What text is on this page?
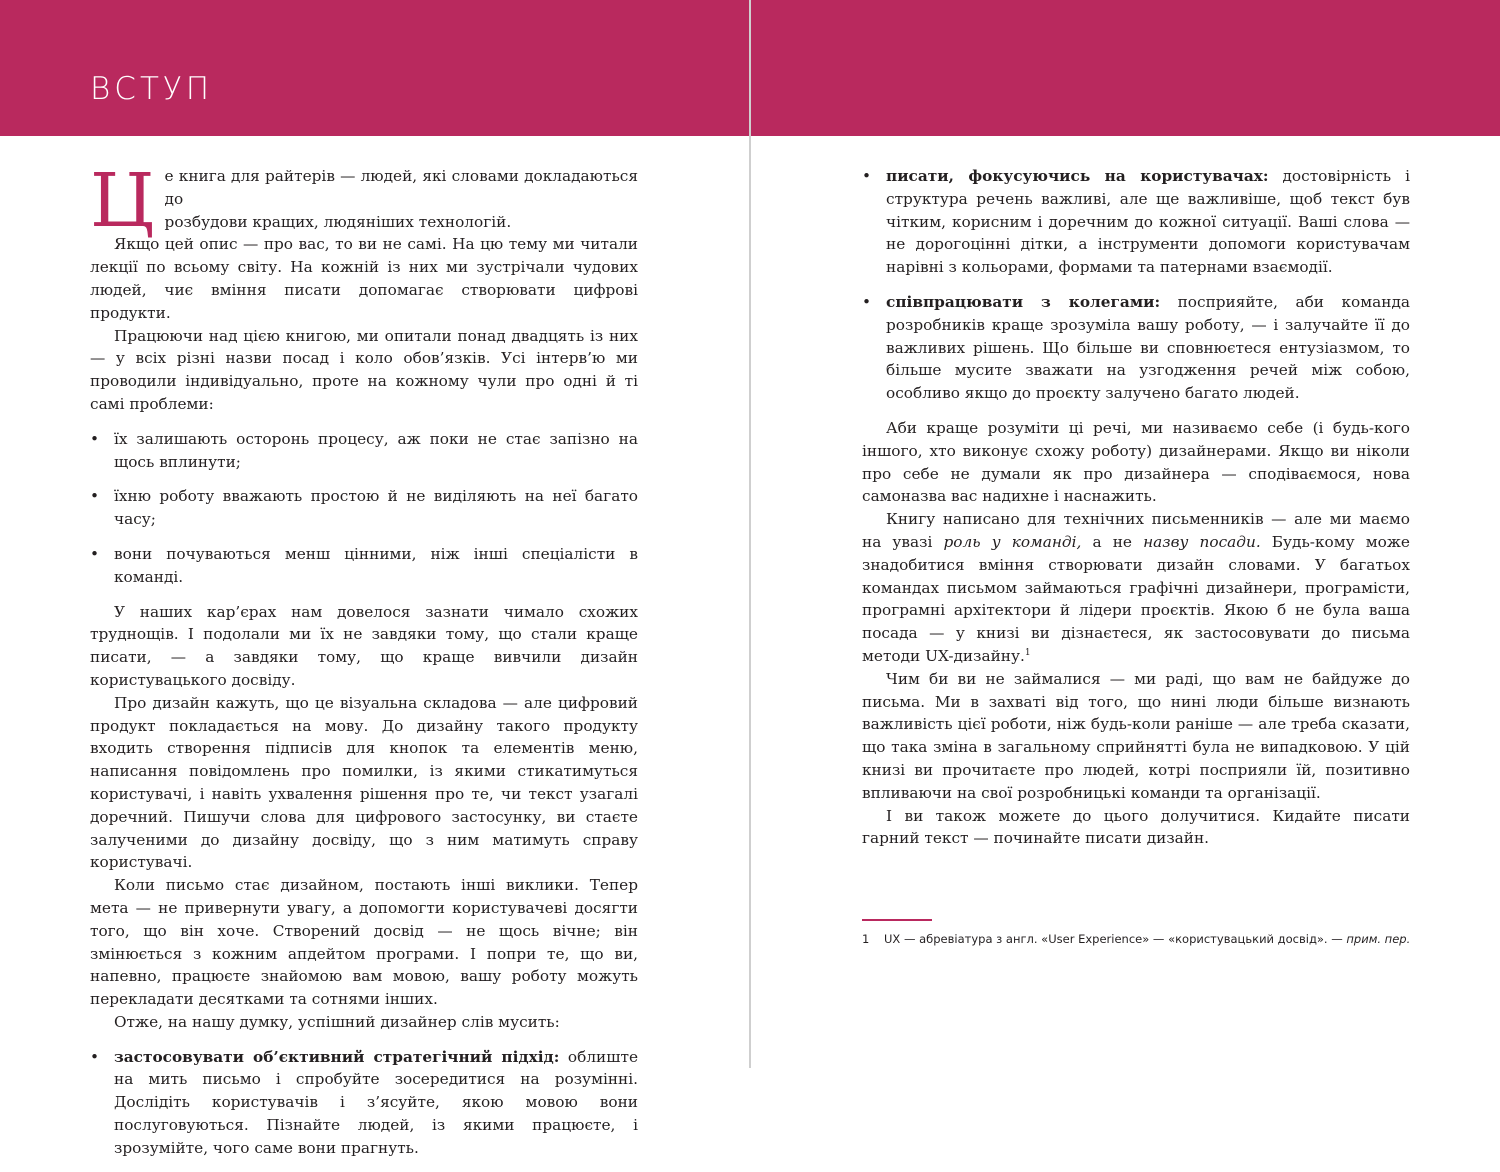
ВСТУП
Ц е книга для райтерів — людей, які словами докладаються до

розбудови кращих, людяніших технологій.

Якщо цей опис — про вас, то ви не самі. На цю тему ми читали лекції по всьому світу. На кожній із них ми зустрічали чудових людей, чиє вміння писати допомагає створювати цифрові продукти.

Працюючи над цією книгою, ми опитали понад двадцять із них — у всіх різні назви посад і коло обов’язків. Усі інтерв’ю ми проводили індивідуально, проте на кожному чули про одні й ті самі проблеми:

• їх залишають осторонь процесу, аж поки не стає запізно на щось вплинути;
• їхню роботу вважають простою й не виділяють на неї багато часу;
• вони почуваються менш цінними, ніж інші спеціалісти в команді.

У наших кар’єрах нам довелося зазнати чимало схожих труднощів. І подолали ми їх не завдяки тому, що стали краще писати, — а завдяки тому, що краще вивчили дизайн користувацького досвіду.

Про дизайн кажуть, що це візуальна складова — але цифровий продукт покладається на мову. До дизайну такого продукту входить створення підписів для кнопок та елементів меню, написання повідомлень про помилки, із якими стикатимуться користувачі, і навіть ухвалення рішення про те, чи текст узагалі доречний. Пишучи слова для цифрового застосунку, ви стаєте залученими до дизайну досвіду, що з ним матимуть справу користувачі.

Коли письмо стає дизайном, постають інші виклики. Тепер мета — не привернути увагу, а допомогти користувачеві досягти того, що він хоче. Створений досвід — не щось вічне; він змінюється з кожним апдейтом програми. І попри те, що ви, напевно, працюєте знайомою вам мовою, вашу роботу можуть перекладати десятками та сотнями інших.

Отже, на нашу думку, успішний дизайнер слів мусить:

• застосовувати об’єктивний стратегічний підхід: облиште на мить письмо і спробуйте зосередитися на розумінні. Дослідіть користувачів і з’ясуйте, якою мовою вони послуговуються. Пізнайте людей, із якими працюєте, і зрозумійте, чого саме вони прагнуть.
• писати, фокусуючись на користувачах: достовірність і структура речень важливі, але ще важливіше, щоб текст був чітким, корисним і доречним до кожної ситуації. Ваші слова — не дорогоцінні дітки, а інструменти допомоги користувачам нарівні з кольорами, формами та патернами взаємодії.
• співпрацювати з колегами: посприяйте, аби команда розробників краще зрозуміла вашу роботу, — і залучайте її до важливих рішень. Що більше ви сповнюєтеся ентузіазмом, то більше мусите зважати на узгодження речей між собою, особливо якщо до проєкту залучено багато людей.

Аби краще розуміти ці речі, ми називаємо себе (і будь-кого іншого, хто виконує схожу роботу) дизайнерами. Якщо ви ніколи про себе не думали як про дизайнера — сподіваємося, нова самоназва вас надихне і наснажить.

Книгу написано для технічних письменників — але ми маємо на увазі роль у команді, а не назву посади. Будь-кому може знадобитися вміння створювати дизайн словами. У багатьох командах письмом займаються графічні дизайнери, програмісти, програмні архітектори й лідери проєктів. Якою б не була ваша посада — у книзі ви дізнаєтеся, як застосовувати до письма методи UX-дизайну.$^1$

Чим би ви не займалися — ми раді, що вам не байдуже до письма. Ми в захваті від того, що нині люди більше визнають важливість цієї роботи, ніж будь-коли раніше — але треба сказати, що така зміна в загальному сприйнятті була не випадковою. У цій книзі ви прочитаєте про людей, котрі посприяли їй, позитивно впливаючи на свої розробницькі команди та організації.

І ви також можете до цього долучитися. Кидайте писати гарний текст — починайте писати дизайн.

1 UX — абревіатура з англ. «User Experience» — «користувацький досвід». — прим. пер.
